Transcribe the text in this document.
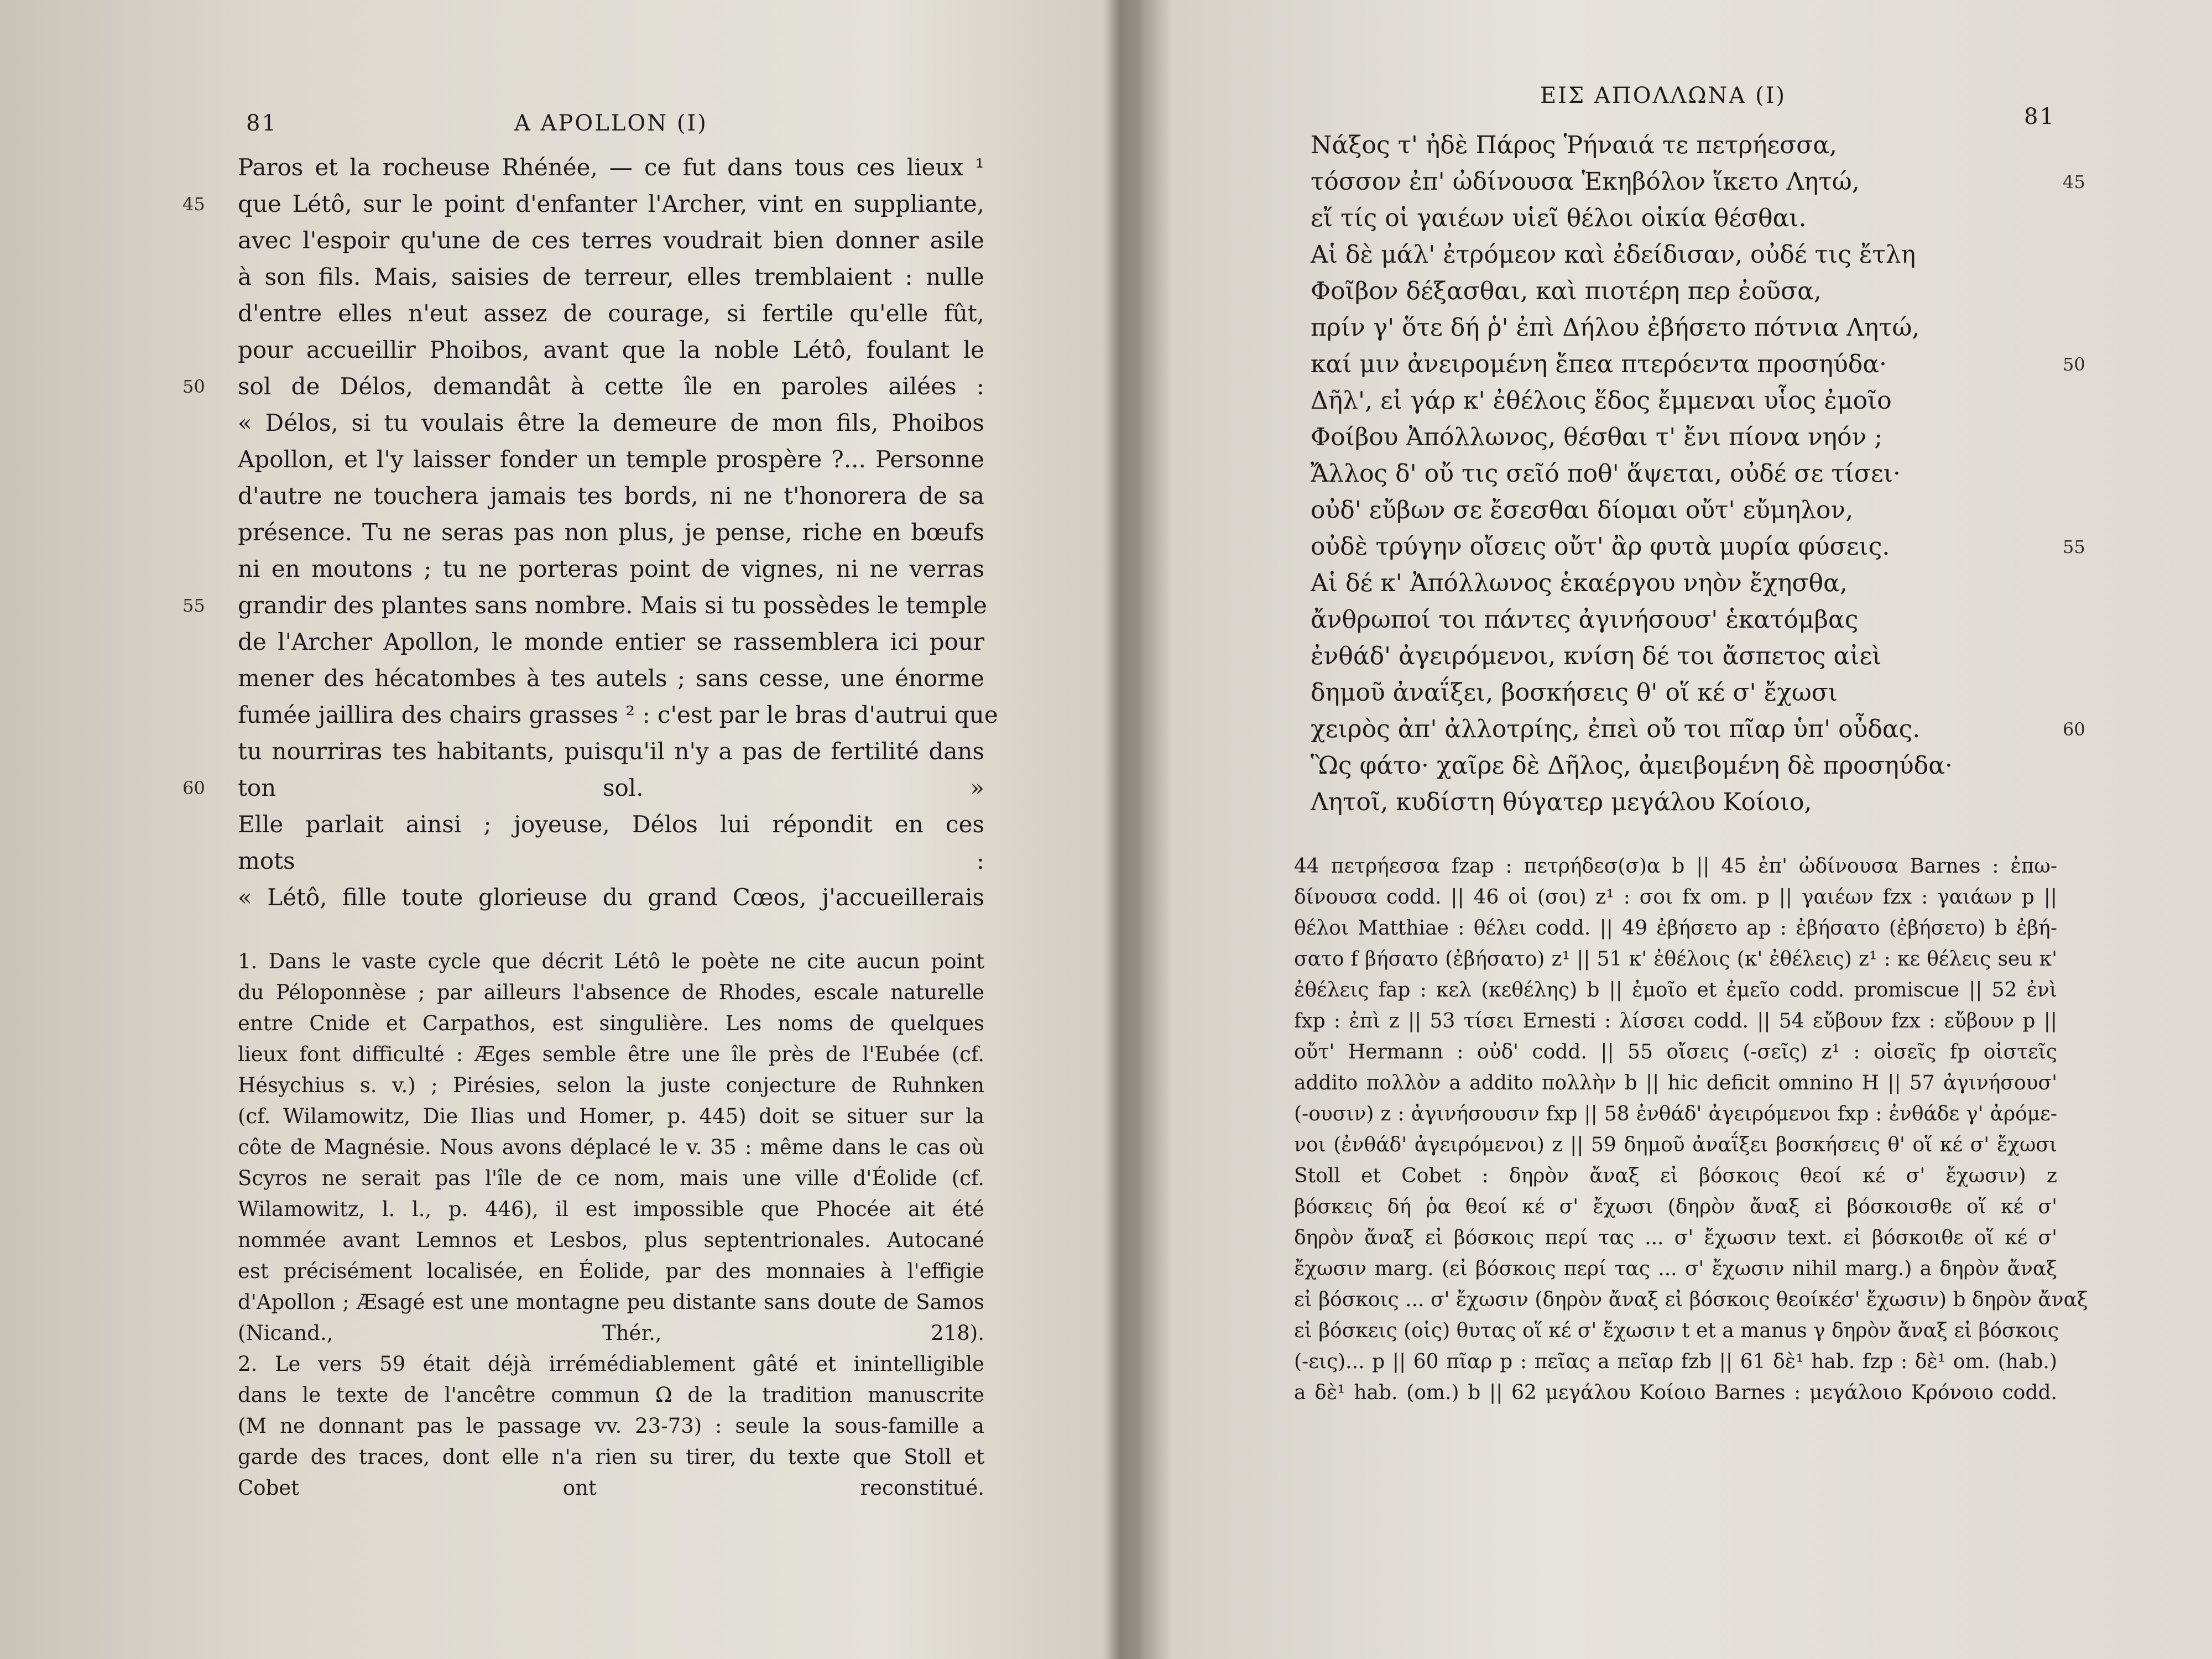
81	A APOLLON (I)
Paros et la rocheuse Rhénée, — ce fut dans tous ces lieux ¹
que Létô, sur le point d'enfanter l'Archer, vint en suppliante,
45
avec l'espoir qu'une de ces terres voudrait bien donner asile
à son fils. Mais, saisies de terreur, elles tremblaient : nulle
d'entre elles n'eut assez de courage, si fertile qu'elle fût,
pour accueillir Phoibos, avant que la noble Létô, foulant le
sol de Délos, demandât à cette île en paroles ailées :
50
« Délos, si tu voulais être la demeure de mon fils, Phoibos
Apollon, et l'y laisser fonder un temple prospère ?... Personne
d'autre ne touchera jamais tes bords, ni ne t'honorera de sa
présence. Tu ne seras pas non plus, je pense, riche en bœufs
ni en moutons ; tu ne porteras point de vignes, ni ne verras
grandir des plantes sans nombre. Mais si tu possèdes le temple
55
de l'Archer Apollon, le monde entier se rassemblera ici pour
mener des hécatombes à tes autels ; sans cesse, une énorme
fumée jaillira des chairs grasses ² : c'est par le bras d'autrui que
tu nourriras tes habitants, puisqu'il n'y a pas de fertilité dans
ton sol. »
60
Elle parlait ainsi ; joyeuse, Délos lui répondit en ces
mots :
« Létô, fille toute glorieuse du grand Cœos, j'accueillerais
1. Dans le vaste cycle que décrit Létô le poète ne cite aucun point
du Péloponnèse ; par ailleurs l'absence de Rhodes, escale naturelle
entre Cnide et Carpathos, est singulière. Les noms de quelques
lieux font difficulté : Æges semble être une île près de l'Eubée (cf.
Hésychius s. v.) ; Pirésies, selon la juste conjecture de Ruhnken
(cf. Wilamowitz, Die Ilias und Homer, p. 445) doit se situer sur la
côte de Magnésie. Nous avons déplacé le v. 35 : même dans le cas où
Scyros ne serait pas l'île de ce nom, mais une ville d'Éolide (cf.
Wilamowitz, l. l., p. 446), il est impossible que Phocée ait été
nommée avant Lemnos et Lesbos, plus septentrionales. Autocané
est précisément localisée, en Éolide, par des monnaies à l'effigie
d'Apollon ; Æsagé est une montagne peu distante sans doute de Samos
(Nicand., Thér., 218).
2. Le vers 59 était déjà irrémédiablement gâté et inintelligible
dans le texte de l'ancêtre commun Ω de la tradition manuscrite
(M ne donnant pas le passage vv. 23-73) : seule la sous-famille a
garde des traces, dont elle n'a rien su tirer, du texte que Stoll et
Cobet ont reconstitué.
ΕΙΣ ΑΠΟΛΛΩΝΑ (I)
81
Νάξος τ' ἠδὲ Πάρος Ῥήναιά τε πετρήεσσα,
τόσσον ἐπ' ὠδίνουσα Ἑκηβόλον ἵκετο Λητώ,	45
εἴ τίς οἱ γαιέων υἱεῖ θέλοι οἰκία θέσθαι.
Αἱ δὲ μάλ' ἐτρόμεον καὶ ἐδείδισαν, οὐδέ τις ἔτλη
Φοῖβον δέξασθαι, καὶ πιοτέρη περ ἐοῦσα,
πρίν γ' ὅτε δή ῥ' ἐπὶ Δήλου ἐβήσετο πότνια Λητώ,
καί μιν ἀνειρομένη ἔπεα πτερόεντα προσηύδα·	50
Δῆλ', εἰ γάρ κ' ἐθέλοις ἕδος ἔμμεναι υἷος ἐμοῖο
Φοίβου Ἀπόλλωνος, θέσθαι τ' ἔνι πίονα νηόν ;
Ἄλλος δ' οὔ τις σεῖό ποθ' ἅψεται, οὐδέ σε τίσει·
οὐδ' εὔβων σε ἔσεσθαι δίομαι οὔτ' εὔμηλον,
οὐδὲ τρύγην οἴσεις οὔτ' ἂρ φυτὰ μυρία φύσεις.	55
Αἱ δέ κ' Ἀπόλλωνος ἑκαέργου νηὸν ἔχησθα,
ἄνθρωποί τοι πάντες ἀγινήσουσ' ἑκατόμβας
ἐνθάδ' ἀγειρόμενοι, κνίση δέ τοι ἄσπετος αἰεὶ
δημοῦ ἀναΐξει, βοσκήσεις θ' οἵ κέ σ' ἔχωσι
χειρὸς ἀπ' ἀλλοτρίης, ἐπεὶ οὔ τοι πῖαρ ὑπ' οὖδας.	60
Ὣς φάτο· χαῖρε δὲ Δῆλος, ἀμειβομένη δὲ προσηύδα·
Λητοῖ, κυδίστη θύγατερ μεγάλου Κοίοιο,
44 πετρήεσσα fzap : πετρήδεσ(σ)α b || 45 ἐπ' ὠδίνουσα Barnes : ἐπω-
δίνουσα codd. || 46 οἱ (σοι) z¹ : σοι fx om. p || γαιέων fzx : γαιάων p ||
θέλοι Matthiae : θέλει codd. || 49 ἐβήσετο ap : ἐβήσατο (ἐβήσετο) b ἐβή-
σατο f βήσατο (ἐβήσατο) z¹ || 51 κ' ἐθέλοις (κ' ἐθέλεις) z¹ : κε θέλεις seu κ'
ἐθέλεις fap : κελ (κεθέλης) b || ἐμοῖο et ἐμεῖο codd. promiscue || 52 ἐνὶ
fxp : ἐπὶ z || 53 τίσει Ernesti : λίσσει codd. || 54 εὔβουν fzx : εὔβουν p ||
οὔτ' Hermann : οὐδ' codd. || 55 οἴσεις (-σεῖς) z¹ : οἰσεῖς fp οἰστεῖς
addito πολλὸν a addito πολλὴν b || hic deficit omnino H || 57 ἀγινήσουσ'
(-ουσιν) z : ἀγινήσουσιν fxp || 58 ἐνθάδ' ἀγειρόμενοι fxp : ἐνθάδε γ' ἀρόμε-
νοι (ἐνθάδ' ἀγειρόμενοι) z || 59 δημοῦ ἀναΐξει βοσκήσεις θ' οἵ κέ σ' ἔχωσι
Stoll et Cobet : δηρὸν ἄναξ εἰ βόσκοις θεοί κέ σ' ἔχωσιν) z
βόσκεις δή ῥα θεοί κέ σ' ἔχωσι (δηρὸν ἄναξ εἰ βόσκοισθε οἵ κέ σ'
δηρὸν ἄναξ εἰ βόσκοις περί τας ... σ' ἔχωσιν text. εἰ βόσκοιθε οἵ κέ σ'
ἔχωσιν marg. (εἰ βόσκοις περί τας ... σ' ἔχωσιν nihil marg.) a δηρὸν ἄναξ
εἰ βόσκοις ... σ' ἔχωσιν (δηρὸν ἄναξ εἰ βόσκοις θεοίκέσ' ἔχωσιν) b δηρὸν ἄναξ
εἰ βόσκεις (οἱς) θυτας οἵ κέ σ' ἔχωσιν t et a manus γ δηρὸν ἄναξ εἰ βόσκοις
(-εις)... p || 60 πῖαρ p : πεῖας a πεῖαρ fzb || 61 δὲ¹ hab. fzp : δὲ¹ om. (hab.)
a δὲ¹ hab. (om.) b || 62 μεγάλου Κοίοιο Barnes : μεγάλοιο Κρόνοιο codd.
